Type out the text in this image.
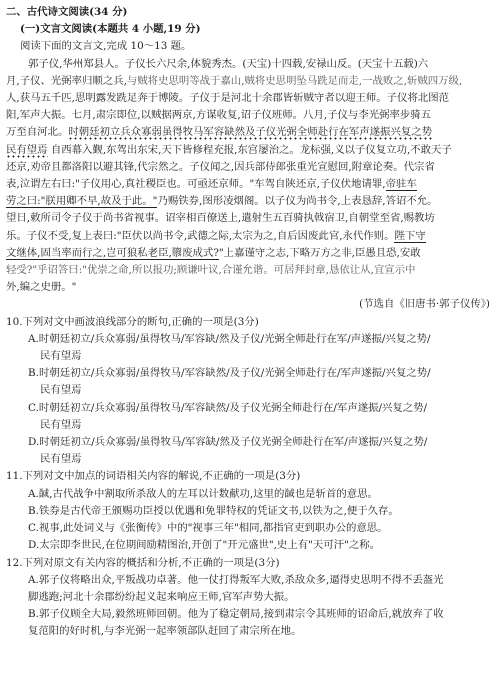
二、古代诗文阅读(34 分)
(一)文言文阅读(本题共 4 小题,19 分)
阅读下面的文言文,完成 10～13 题。
郭子仪,华州郑县人。子仪长六尺余,体貌秀杰。(天宝)十四载,安禄山反。(天宝十五载)六
月,子仪、光弼率归顺之兵,与贼将史思明等战于嘉山,贼将史思明坠马跣足而走,一战败之,斩贼四万级,
人,获马五千匹,思明露发跣足奔于博陵。子仪于是河北十余郡皆斩贼守者以迎王师。子仪将北图范
阳,军声大振。七月,肃宗即位,以贼据两京,方谋收复,诏子仪班师。八月,子仪与李光弼率步骑五
万至自河北。时朝廷初立兵众寡弱虽得牧马军容缺然及子仪光弼全师赴行在军声遂振兴复之势
民有望焉 自西幕入觐,东驾出东宋,天下皆修程充报,东宫屡治之。龙标强,义以子仪复立功,不敢天子
还京,劝帝且都洛阳以避其锋,代宗然之。子仪闻之,因兵部侍郎张重光宣慰回,附章论奏。代宗省
表,泣谓左右曰:"子仪用心,真社稷臣也。可亟还京师。"车驾自陕还京,子仪伏地请罪,帝驻车
劳之曰:"朕用卿不早,故及于此。"乃赐铁券,图形凌烟阁。以子仪为尚书令,上表恳辞,答诏不允。
望日,敕所司令子仪于尚书省视事。诏宰相百僚送上,遣射生五百骑执戟宿卫,自朝堂至省,赐教坊
乐。子仪不受,复上表曰:"臣伏以尚书令,武德之际,太宗为之,自后因废此官,永代作则。陛下守
文继体,固当率而行之,岂可狼私老臣,隳废成式?"上嘉谨守之志,下略万方之非,臣愚且恐,安敢
轻受?"乎诏答曰:"优崇之命,所以报功;顾谦叶议,合谨允谐。可居拜封章,恳依让从,宜宣示中
外,编之史册。"
(节选自《旧唐书·郭子仪传》)
10.下列对文中画波浪线部分的断句,正确的一项是(3分)
A.时朝廷初立/兵众寡弱/虽得牧马/军容缺/然及子仪/光弼全师赴行在军/声遂振/兴复之势/
民有望焉
B.时朝廷初立/兵众寡弱/虽得牧马/军容缺然/及子仪/光弼全师赴行在/军声遂振/兴复之势/
民有望焉
C.时朝廷初立/兵众寡弱/虽得牧马/军容缺然/及子仪光弼全师赴行在/军声遂振/兴复之势/
民有望焉
D.时朝廷初立/兵众寡弱/虽得牧马/军容缺/然及子仪光弼全师赴行在军/声遂振/兴复之势/
民有望焉
11.下列对文中加点的词语相关内容的解说,不正确的一项是(3分)
A.馘,古代战争中割取所杀敌人的左耳以计数献功,这里的馘也是斩首的意思。
B.铁券是古代帝王颁赐功臣授以优遇和免罪特权的凭证文书,以铁为之,便于久存。
C.视事,此处词义与《张衡传》中的"视事三年"相同,都指官吏到职办公的意思。
D.太宗即李世民,在位期间励精图治,开创了"开元盛世",史上有"天可汗"之称。
12.下列对原文有关内容的概括和分析,不正确的一项是(3分)
A.郭子仪将略出众,平叛战功卓著。他一仗打得叛军大败,杀敌众多,逼得史思明不得不丢盔光
脚逃跑;河北十余郡纷纷起义起来响应王师,官军声势大振。
B.郭子仪顾全大局,毅然班师回朝。他为了稳定朝局,接到肃宗令其班师的诏命后,就放弃了收
复范阳的好时机,与李光弼一起率领部队赶回了肃宗所在地。
